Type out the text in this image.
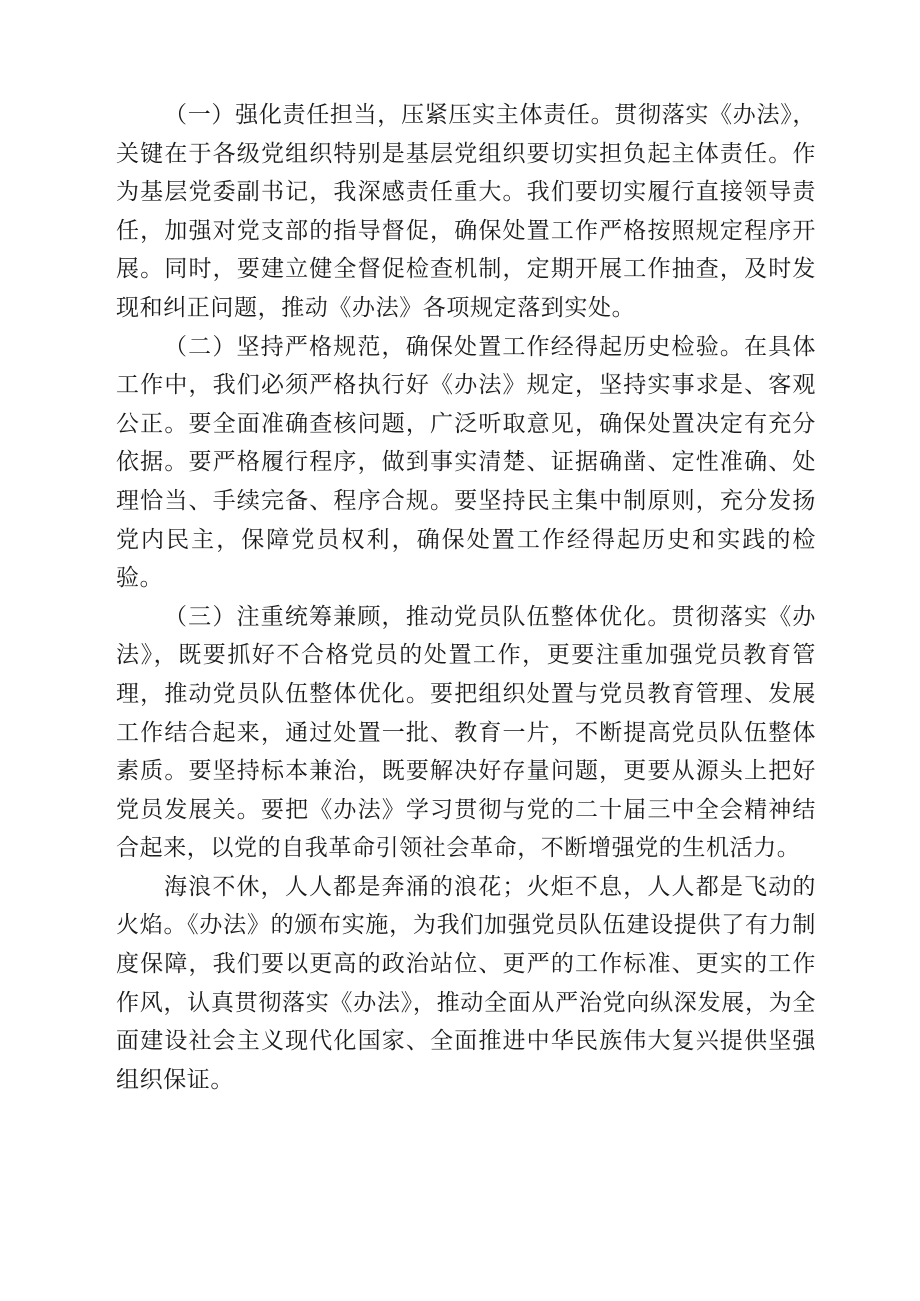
（一）强化责任担当，压紧压实主体责任。贯彻落实《办法》，关键在于各级党组织特别是基层党组织要切实担负起主体责任。作为基层党委副书记，我深感责任重大。我们要切实履行直接领导责任，加强对党支部的指导督促，确保处置工作严格按照规定程序开展。同时，要建立健全督促检查机制，定期开展工作抽查，及时发现和纠正问题，推动《办法》各项规定落到实处。

（二）坚持严格规范，确保处置工作经得起历史检验。在具体工作中，我们必须严格执行好《办法》规定，坚持实事求是、客观公正。要全面准确查核问题，广泛听取意见，确保处置决定有充分依据。要严格履行程序，做到事实清楚、证据确凿、定性准确、处理恰当、手续完备、程序合规。要坚持民主集中制原则，充分发扬党内民主，保障党员权利，确保处置工作经得起历史和实践的检验。

（三）注重统筹兼顾，推动党员队伍整体优化。贯彻落实《办法》，既要抓好不合格党员的处置工作，更要注重加强党员教育管理，推动党员队伍整体优化。要把组织处置与党员教育管理、发展工作结合起来，通过处置一批、教育一片，不断提高党员队伍整体素质。要坚持标本兼治，既要解决好存量问题，更要从源头上把好党员发展关。要把《办法》学习贯彻与党的二十届三中全会精神结合起来，以党的自我革命引领社会革命，不断增强党的生机活力。

海浪不休，人人都是奔涌的浪花；火炬不息，人人都是飞动的火焰。《办法》的颁布实施，为我们加强党员队伍建设提供了有力制度保障，我们要以更高的政治站位、更严的工作标准、更实的工作作风，认真贯彻落实《办法》，推动全面从严治党向纵深发展，为全面建设社会主义现代化国家、全面推进中华民族伟大复兴提供坚强组织保证。
